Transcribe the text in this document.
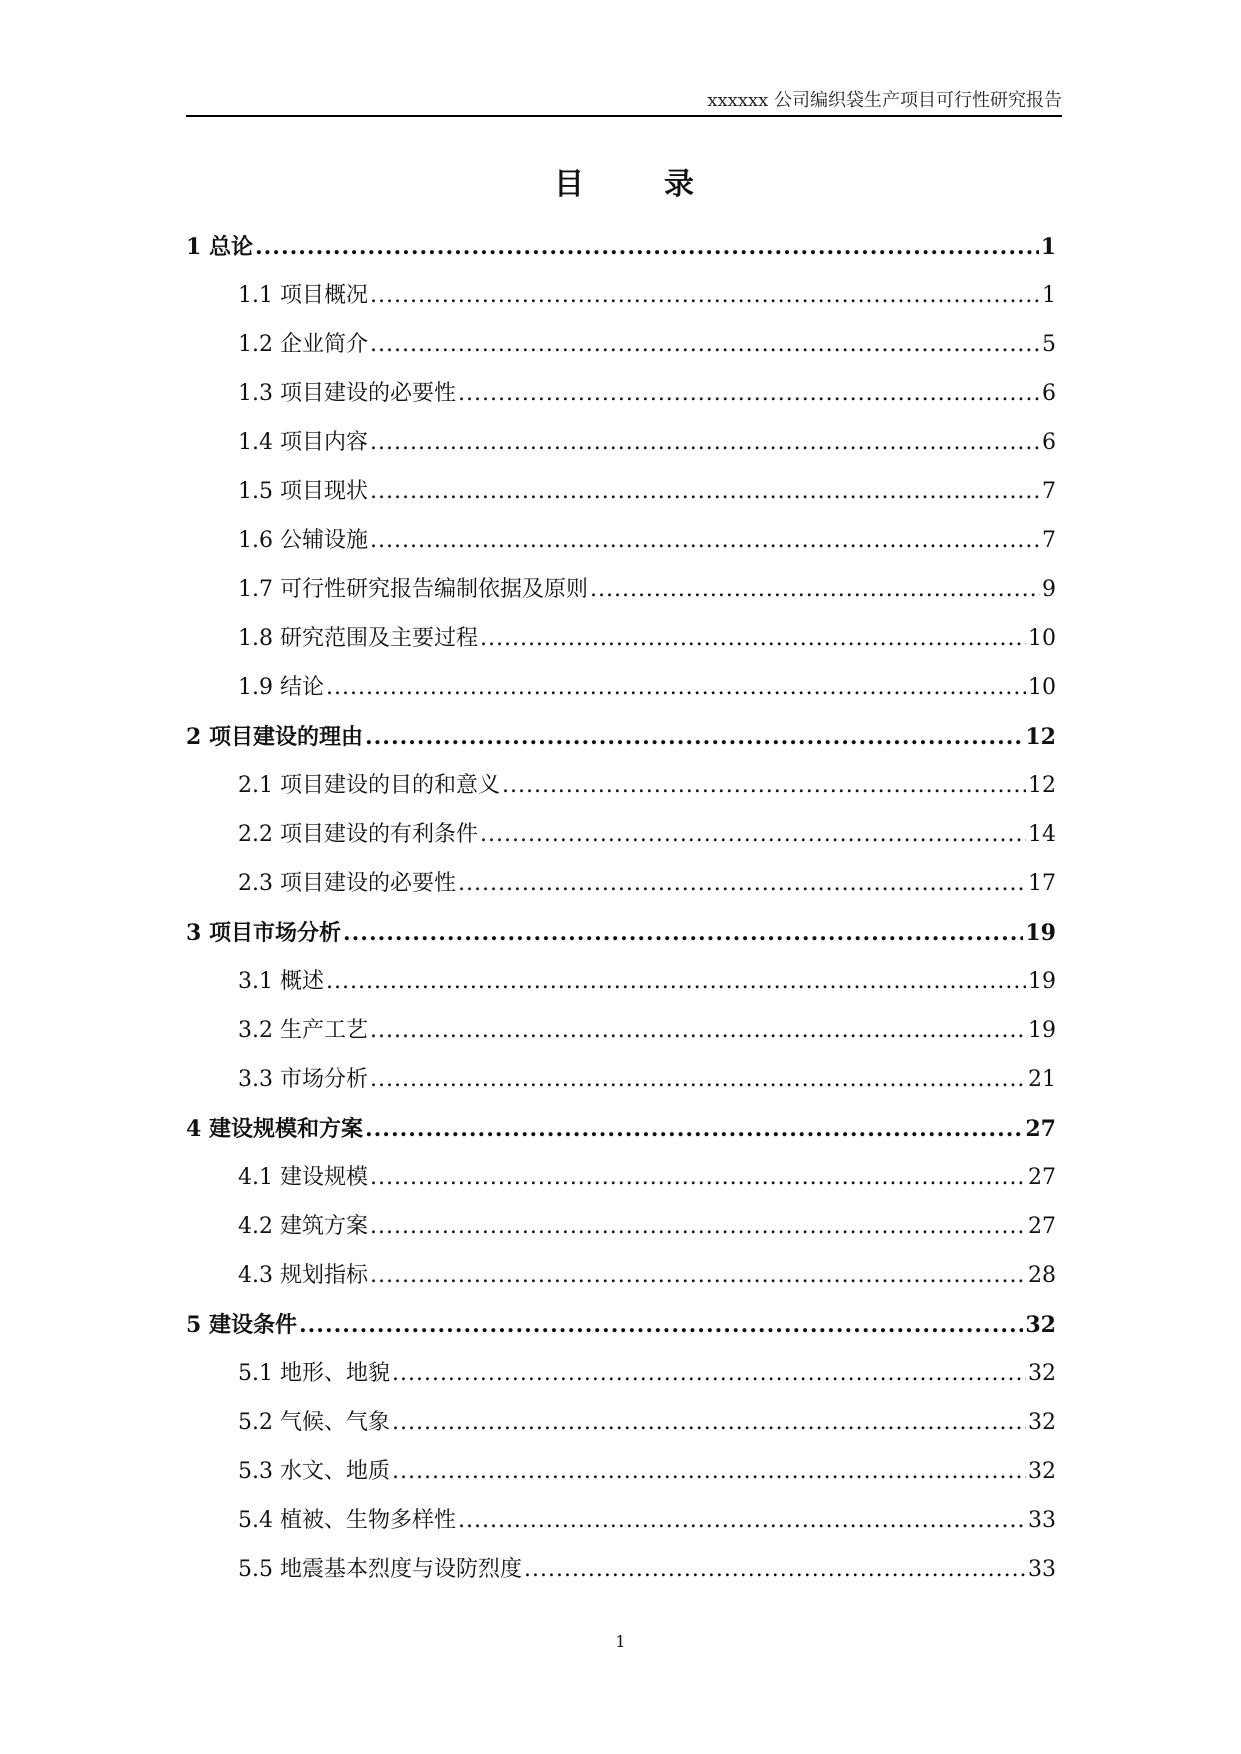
xxxxxx 公司编织袋生产项目可行性研究报告
目录
1 总论 .....	1
1.1 项目概况 .....	1
1.2 企业简介 .....	5
1.3 项目建设的必要性 .....	6
1.4 项目内容 .....	6
1.5 项目现状 .....	7
1.6 公辅设施 .....	7
1.7 可行性研究报告编制依据及原则 .....	9
1.8 研究范围及主要过程 .....	10
1.9 结论 .....	10
2 项目建设的理由 .....	12
2.1 项目建设的目的和意义 .....	12
2.2 项目建设的有利条件 .....	14
2.3 项目建设的必要性 .....	17
3 项目市场分析 .....	19
3.1 概述 .....	19
3.2 生产工艺 .....	19
3.3 市场分析 .....	21
4 建设规模和方案 .....	27
4.1 建设规模 .....	27
4.2 建筑方案 .....	27
4.3 规划指标 .....	28
5 建设条件 .....	32
5.1 地形、地貌 .....	32
5.2 气候、气象 .....	32
5.3 水文、地质 .....	32
5.4 植被、生物多样性 .....	33
5.5 地震基本烈度与设防烈度 .....	33
1
